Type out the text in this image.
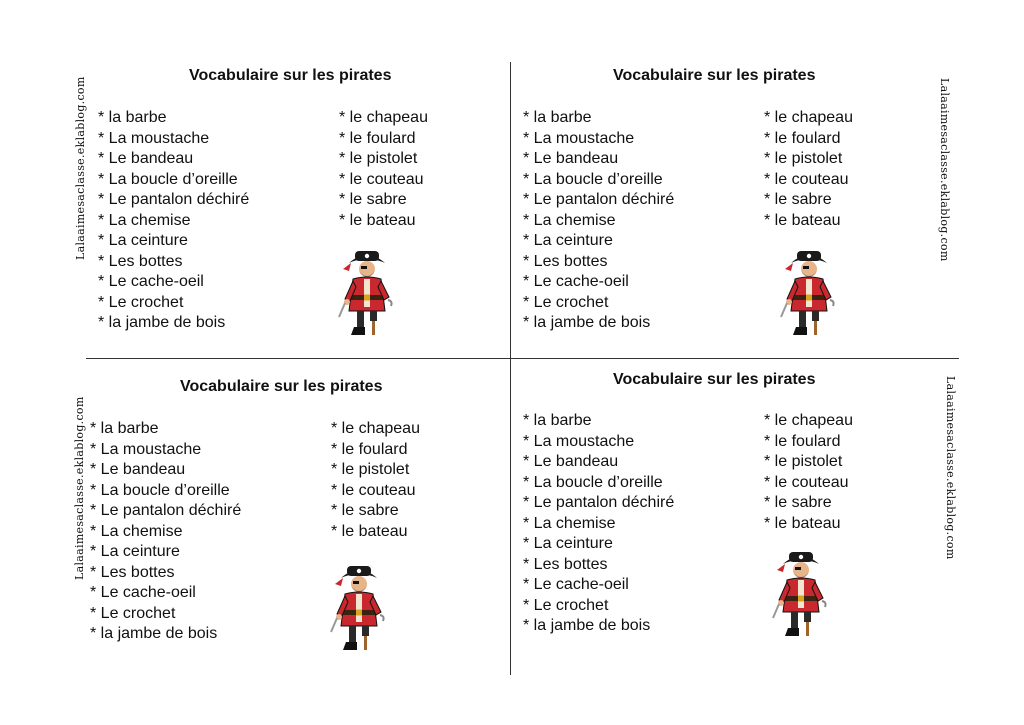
Vocabulaire sur les pirates
* la barbe
* La moustache
* Le bandeau
* La boucle d’oreille
* Le pantalon déchiré
* La chemise
* La ceinture
* Les bottes
* Le cache-oeil
* Le crochet
* la jambe de bois
* le chapeau
* le foulard
* le pistolet
* le couteau
* le sabre
* le bateau
Lalaaimesaclasse.eklablog.com
Vocabulaire sur les pirates
* la barbe
* La moustache
* Le bandeau
* La boucle d’oreille
* Le pantalon déchiré
* La chemise
* La ceinture
* Les bottes
* Le cache-oeil
* Le crochet
* la jambe de bois
* le chapeau
* le foulard
* le pistolet
* le couteau
* le sabre
* le bateau	Lalaaimesaclasse.eklablog.com
Vocabulaire sur les pirates
* la barbe
* La moustache
* Le bandeau
* La boucle d’oreille
* Le pantalon déchiré
* La chemise
* La ceinture
* Les bottes
* Le cache-oeil
* Le crochet
* la jambe de bois
* le chapeau
* le foulard
* le pistolet
* le couteau
* le sabre
* le bateau
Lalaaimesaclasse.eklablog.com
Vocabulaire sur les pirates
* la barbe
* La moustache
* Le bandeau
* La boucle d’oreille
* Le pantalon déchiré
* La chemise
* La ceinture
* Les bottes
* Le cache-oeil
* Le crochet
* la jambe de bois
* le chapeau
* le foulard
* le pistolet
* le couteau
* le sabre
* le bateau	Lalaaimesaclasse.eklablog.com
